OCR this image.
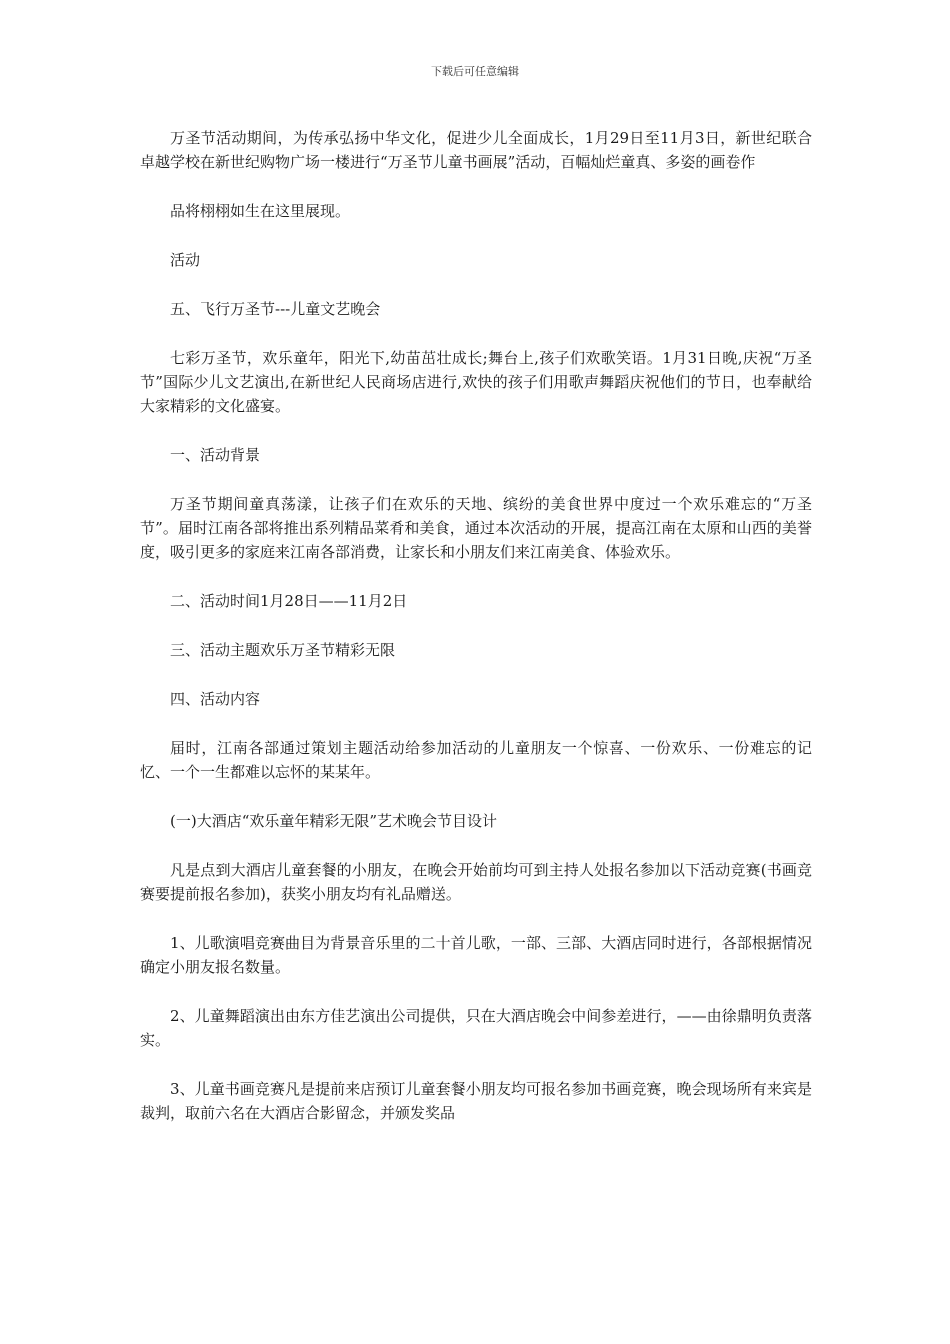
下载后可任意编辑

万圣节活动期间，为传承弘扬中华文化，促进少儿全面成长，1月29日至11月3日，新世纪联合卓越学校在新世纪购物广场一楼进行“万圣节儿童书画展”活动，百幅灿烂童真、多姿的画卷作

品将栩栩如生在这里展现。

活动

五、飞行万圣节---儿童文艺晚会

七彩万圣节，欢乐童年，阳光下,幼苗茁壮成长;舞台上,孩子们欢歌笑语。1月31日晚,庆祝“万圣节”国际少儿文艺演出,在新世纪人民商场店进行,欢快的孩子们用歌声舞蹈庆祝他们的节日，也奉献给大家精彩的文化盛宴。

一、活动背景

万圣节期间童真荡漾，让孩子们在欢乐的天地、缤纷的美食世界中度过一个欢乐难忘的“万圣节”。届时江南各部将推出系列精品菜肴和美食，通过本次活动的开展，提高江南在太原和山西的美誉度，吸引更多的家庭来江南各部消费，让家长和小朋友们来江南美食、体验欢乐。

二、活动时间1月28日——11月2日

三、活动主题欢乐万圣节精彩无限

四、活动内容

届时，江南各部通过策划主题活动给参加活动的儿童朋友一个惊喜、一份欢乐、一份难忘的记忆、一个一生都难以忘怀的某某年。

(一)大酒店“欢乐童年精彩无限”艺术晚会节目设计

凡是点到大酒店儿童套餐的小朋友，在晚会开始前均可到主持人处报名参加以下活动竞赛(书画竞赛要提前报名参加)，获奖小朋友均有礼品赠送。

1、儿歌演唱竞赛曲目为背景音乐里的二十首儿歌，一部、三部、大酒店同时进行，各部根据情况确定小朋友报名数量。

2、儿童舞蹈演出由东方佳艺演出公司提供，只在大酒店晚会中间参差进行，——由徐鼎明负责落实。

3、儿童书画竞赛凡是提前来店预订儿童套餐小朋友均可报名参加书画竞赛，晚会现场所有来宾是裁判，取前六名在大酒店合影留念，并颁发奖品
